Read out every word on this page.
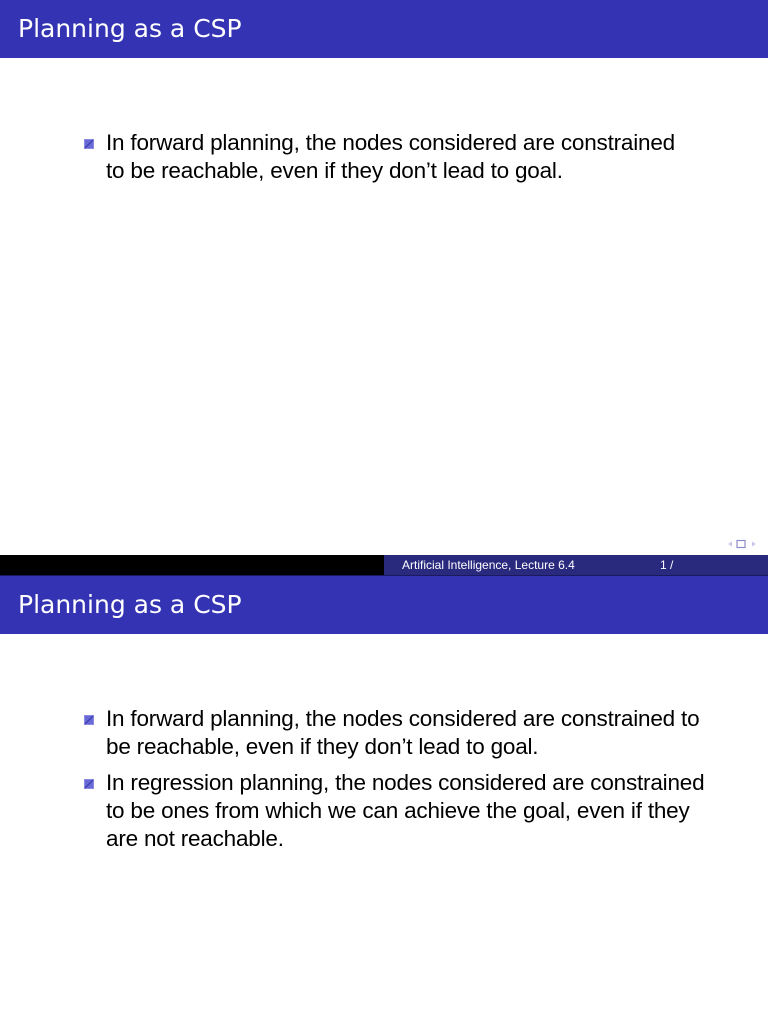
Planning as a CSP
In forward planning, the nodes considered are constrained
to be reachable, even if they don’t lead to goal.
Artificial Intelligence, Lecture 6.4	1 /
Planning as a CSP
In forward planning, the nodes considered are constrained to
be reachable, even if they don’t lead to goal.
In regression planning, the nodes considered are constrained
to be ones from which we can achieve the goal, even if they
are not reachable.
